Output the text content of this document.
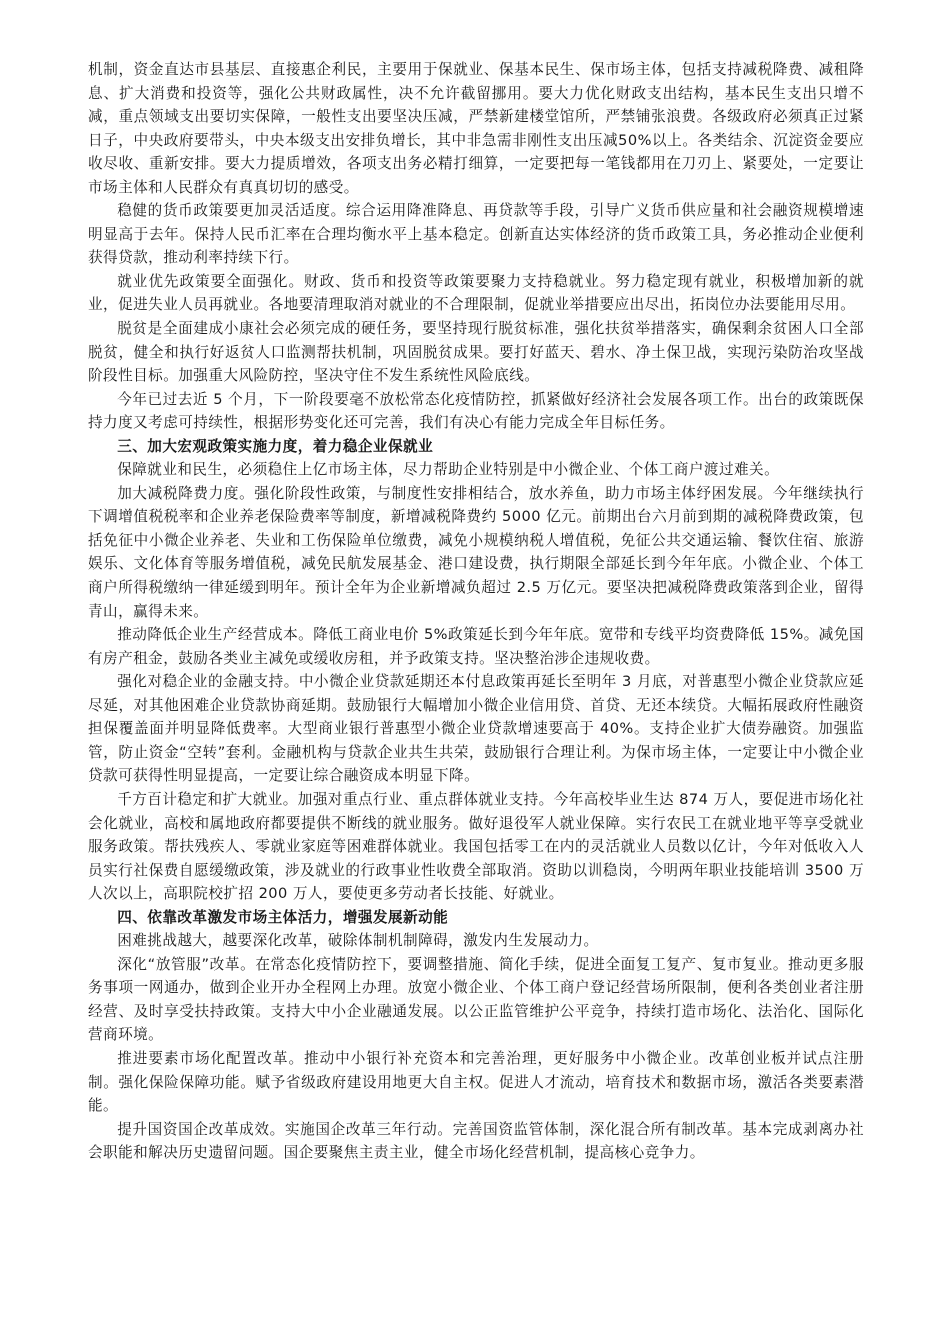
机制，资金直达市县基层、直接惠企利民，主要用于保就业、保基本民生、保市场主体，包括支持减税降费、减租降息、扩大消费和投资等，强化公共财政属性，决不允许截留挪用。要大力优化财政支出结构，基本民生支出只增不减，重点领域支出要切实保障，一般性支出要坚决压减，严禁新建楼堂馆所，严禁铺张浪费。各级政府必须真正过紧日子，中央政府要带头，中央本级支出安排负增长，其中非急需非刚性支出压减50%以上。各类结余、沉淀资金要应收尽收、重新安排。要大力提质增效，各项支出务必精打细算，一定要把每一笔钱都用在刀刃上、紧要处，一定要让市场主体和人民群众有真真切切的感受。

稳健的货币政策要更加灵活适度。综合运用降准降息、再贷款等手段，引导广义货币供应量和社会融资规模增速明显高于去年。保持人民币汇率在合理均衡水平上基本稳定。创新直达实体经济的货币政策工具，务必推动企业便利获得贷款，推动利率持续下行。

就业优先政策要全面强化。财政、货币和投资等政策要聚力支持稳就业。努力稳定现有就业，积极增加新的就业，促进失业人员再就业。各地要清理取消对就业的不合理限制，促就业举措要应出尽出，拓岗位办法要能用尽用。

脱贫是全面建成小康社会必须完成的硬任务，要坚持现行脱贫标准，强化扶贫举措落实，确保剩余贫困人口全部脱贫，健全和执行好返贫人口监测帮扶机制，巩固脱贫成果。要打好蓝天、碧水、净土保卫战，实现污染防治攻坚战阶段性目标。加强重大风险防控，坚决守住不发生系统性风险底线。

今年已过去近 5 个月，下一阶段要毫不放松常态化疫情防控，抓紧做好经济社会发展各项工作。出台的政策既保持力度又考虑可持续性，根据形势变化还可完善，我们有决心有能力完成全年目标任务。

三、加大宏观政策实施力度，着力稳企业保就业

保障就业和民生，必须稳住上亿市场主体，尽力帮助企业特别是中小微企业、个体工商户渡过难关。

加大减税降费力度。强化阶段性政策，与制度性安排相结合，放水养鱼，助力市场主体纾困发展。今年继续执行下调增值税税率和企业养老保险费率等制度，新增减税降费约 5000 亿元。前期出台六月前到期的减税降费政策，包括免征中小微企业养老、失业和工伤保险单位缴费，减免小规模纳税人增值税，免征公共交通运输、餐饮住宿、旅游娱乐、文化体育等服务增值税，减免民航发展基金、港口建设费，执行期限全部延长到今年年底。小微企业、个体工商户所得税缴纳一律延缓到明年。预计全年为企业新增减负超过 2.5 万亿元。要坚决把减税降费政策落到企业，留得青山，赢得未来。

推动降低企业生产经营成本。降低工商业电价 5%政策延长到今年年底。宽带和专线平均资费降低 15%。减免国有房产租金，鼓励各类业主减免或缓收房租，并予政策支持。坚决整治涉企违规收费。

强化对稳企业的金融支持。中小微企业贷款延期还本付息政策再延长至明年 3 月底，对普惠型小微企业贷款应延尽延，对其他困难企业贷款协商延期。鼓励银行大幅增加小微企业信用贷、首贷、无还本续贷。大幅拓展政府性融资担保覆盖面并明显降低费率。大型商业银行普惠型小微企业贷款增速要高于 40%。支持企业扩大债券融资。加强监管，防止资金“空转”套利。金融机构与贷款企业共生共荣，鼓励银行合理让利。为保市场主体，一定要让中小微企业贷款可获得性明显提高，一定要让综合融资成本明显下降。

千方百计稳定和扩大就业。加强对重点行业、重点群体就业支持。今年高校毕业生达 874 万人，要促进市场化社会化就业，高校和属地政府都要提供不断线的就业服务。做好退役军人就业保障。实行农民工在就业地平等享受就业服务政策。帮扶残疾人、零就业家庭等困难群体就业。我国包括零工在内的灵活就业人员数以亿计，今年对低收入人员实行社保费自愿缓缴政策，涉及就业的行政事业性收费全部取消。资助以训稳岗，今明两年职业技能培训 3500 万人次以上，高职院校扩招 200 万人，要使更多劳动者长技能、好就业。

四、依靠改革激发市场主体活力，增强发展新动能

困难挑战越大，越要深化改革，破除体制机制障碍，激发内生发展动力。

深化“放管服”改革。在常态化疫情防控下，要调整措施、简化手续，促进全面复工复产、复市复业。推动更多服务事项一网通办，做到企业开办全程网上办理。放宽小微企业、个体工商户登记经营场所限制，便利各类创业者注册经营、及时享受扶持政策。支持大中小企业融通发展。以公正监管维护公平竞争，持续打造市场化、法治化、国际化营商环境。

推进要素市场化配置改革。推动中小银行补充资本和完善治理，更好服务中小微企业。改革创业板并试点注册制。强化保险保障功能。赋予省级政府建设用地更大自主权。促进人才流动，培育技术和数据市场，激活各类要素潜能。

提升国资国企改革成效。实施国企改革三年行动。完善国资监管体制，深化混合所有制改革。基本完成剥离办社会职能和解决历史遗留问题。国企要聚焦主责主业，健全市场化经营机制，提高核心竞争力。
